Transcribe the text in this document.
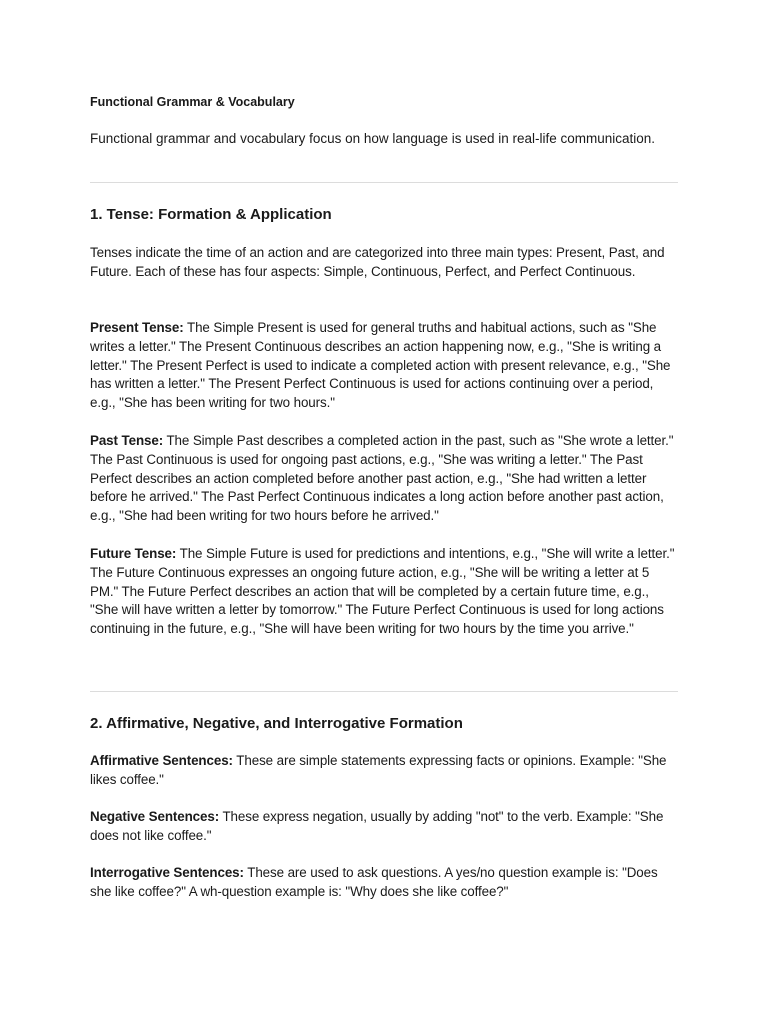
Functional Grammar & Vocabulary

Functional grammar and vocabulary focus on how language is used in real-life communication.

1. Tense: Formation & Application

Tenses indicate the time of an action and are categorized into three main types: Present, Past, and Future. Each of these has four aspects: Simple, Continuous, Perfect, and Perfect Continuous.

Present Tense: The Simple Present is used for general truths and habitual actions, such as "She writes a letter." The Present Continuous describes an action happening now, e.g., "She is writing a letter." The Present Perfect is used to indicate a completed action with present relevance, e.g., "She has written a letter." The Present Perfect Continuous is used for actions continuing over a period, e.g., "She has been writing for two hours."

Past Tense: The Simple Past describes a completed action in the past, such as "She wrote a letter." The Past Continuous is used for ongoing past actions, e.g., "She was writing a letter." The Past Perfect describes an action completed before another past action, e.g., "She had written a letter before he arrived." The Past Perfect Continuous indicates a long action before another past action, e.g., "She had been writing for two hours before he arrived."

Future Tense: The Simple Future is used for predictions and intentions, e.g., "She will write a letter." The Future Continuous expresses an ongoing future action, e.g., "She will be writing a letter at 5 PM." The Future Perfect describes an action that will be completed by a certain future time, e.g., "She will have written a letter by tomorrow." The Future Perfect Continuous is used for long actions continuing in the future, e.g., "She will have been writing for two hours by the time you arrive."

2. Affirmative, Negative, and Interrogative Formation

Affirmative Sentences: These are simple statements expressing facts or opinions. Example: "She likes coffee."

Negative Sentences: These express negation, usually by adding "not" to the verb. Example: "She does not like coffee."

Interrogative Sentences: These are used to ask questions. A yes/no question example is: "Does she like coffee?" A wh-question example is: "Why does she like coffee?"
